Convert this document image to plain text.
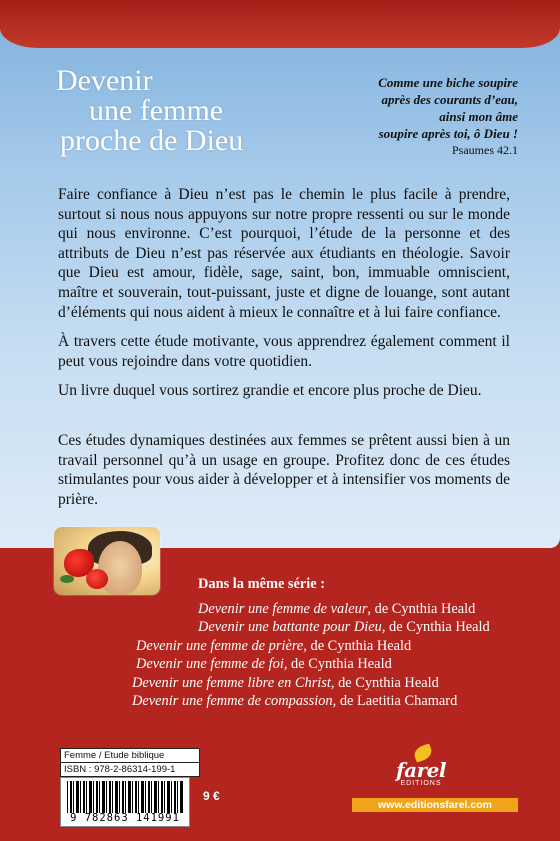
Devenir
une femme
proche de Dieu
Comme une biche soupire
après des courants d’eau,
ainsi mon âme
soupire après toi, ô Dieu !
Psaumes 42.1

Faire confiance à Dieu n’est pas le chemin le plus facile à prendre, surtout si nous nous appuyons sur notre propre ressenti ou sur le monde qui nous environne. C’est pourquoi, l’étude de la personne et des attributs de Dieu n’est pas réservée aux étudiants en théologie. Savoir que Dieu est amour, fidèle, sage, saint, bon, immuable omniscient, maître et souverain, tout-puissant, juste et digne de louange, sont autant d’éléments qui nous aident à mieux le connaître et à lui faire confiance.

À travers cette étude motivante, vous apprendrez également comment il peut vous rejoindre dans votre quotidien.

Un livre duquel vous sortirez grandie et encore plus proche de Dieu.

Ces études dynamiques destinées aux femmes se prêtent aussi bien à un travail personnel qu’à un usage en groupe. Profitez donc de ces études stimulantes pour vous aider à développer et à intensifier vos moments de prière.

Dans la même série :
Devenir une femme de valeur, de Cynthia Heald
Devenir une battante pour Dieu, de Cynthia Heald
Devenir une femme de prière, de Cynthia Heald
Devenir une femme de foi, de Cynthia Heald
Devenir une femme libre en Christ, de Cynthia Heald
Devenir une femme de compassion, de Laetitia Chamard
Femme / Etude biblique
ISBN : 978-2-86314-199-1
9 782863 141991
9 €
farel
EDITIONS
www.editionsfarel.com
